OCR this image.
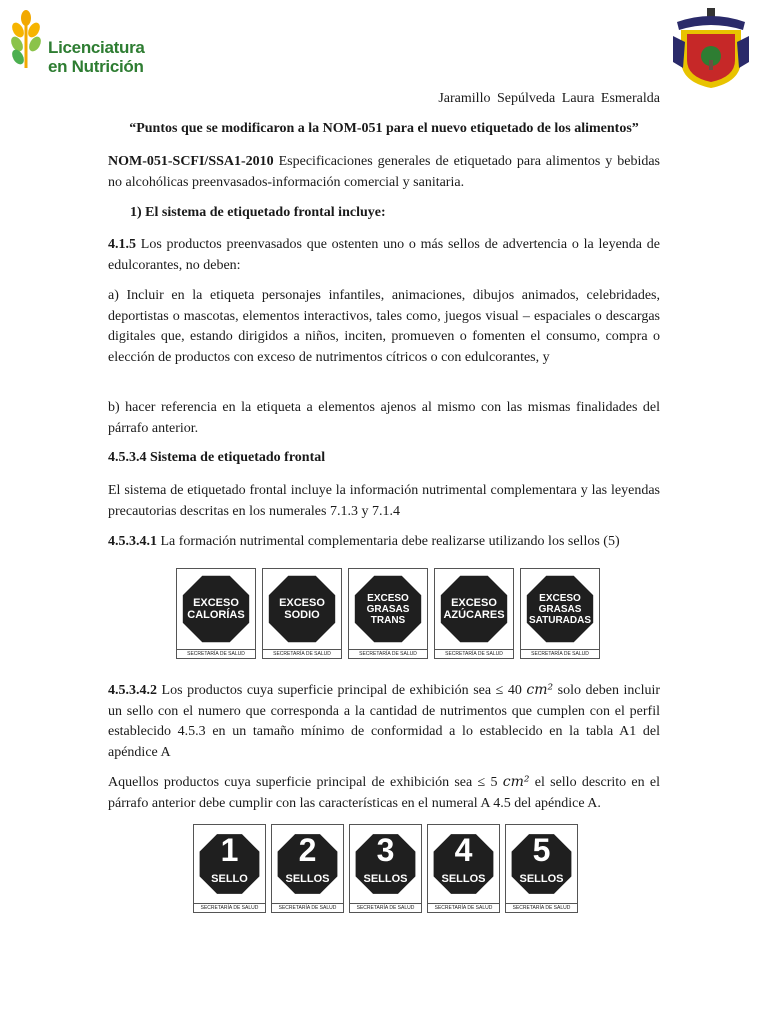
Licenciatura
en Nutrición
Jaramillo Sepúlveda Laura Esmeralda
“Puntos que se modificaron a la NOM-051 para el nuevo etiquetado de los alimentos”
NOM-051-SCFI/SSA1-2010 Especificaciones generales de etiquetado para alimentos y bebidas no alcohólicas preenvasados-información comercial y sanitaria.
1) El sistema de etiquetado frontal incluye:
4.1.5 Los productos preenvasados que ostenten uno o más sellos de advertencia o la leyenda de edulcorantes, no deben:
a) Incluir en la etiqueta personajes infantiles, animaciones, dibujos animados, celebridades, deportistas o mascotas, elementos interactivos, tales como, juegos visual – espaciales o descargas digitales que, estando dirigidos a niños, inciten, promueven o fomenten el consumo, compra o elección de productos con exceso de nutrimentos cítricos o con edulcorantes, y
b) hacer referencia en la etiqueta a elementos ajenos al mismo con las mismas finalidades del párrafo anterior.
4.5.3.4 Sistema de etiquetado frontal
El sistema de etiquetado frontal incluye la información nutrimental complementara y las leyendas precautorias descritas en los numerales 7.1.3 y 7.1.4
4.5.3.4.1 La formación nutrimental complementaria debe realizarse utilizando los sellos (5)
EXCESO
CALORÍAS
SECRETARÍA DE SALUD
EXCESO
SODIO
SECRETARÍA DE SALUD
EXCESO
GRASAS
TRANS
SECRETARÍA DE SALUD
EXCESO
AZÚCARES
SECRETARÍA DE SALUD
EXCESO
GRASAS
SATURADAS
SECRETARÍA DE SALUD
4.5.3.4.2 Los productos cuya superficie principal de exhibición sea ≤ 40 cm² solo deben incluir un sello con el numero que corresponda a la cantidad de nutrimentos que cumplen con el perfil establecido 4.5.3 en un tamaño mínimo de conformidad a lo establecido en la tabla A1 del apéndice A
Aquellos productos cuya superficie principal de exhibición sea ≤ 5 cm² el sello descrito en el párrafo anterior debe cumplir con las características en el numeral A 4.5 del apéndice A.
1
SELLO
SECRETARÍA DE SALUD
2
SELLOS
SECRETARÍA DE SALUD
3
SELLOS
SECRETARÍA DE SALUD
4
SELLOS
SECRETARÍA DE SALUD
5
SELLOS
SECRETARÍA DE SALUD
